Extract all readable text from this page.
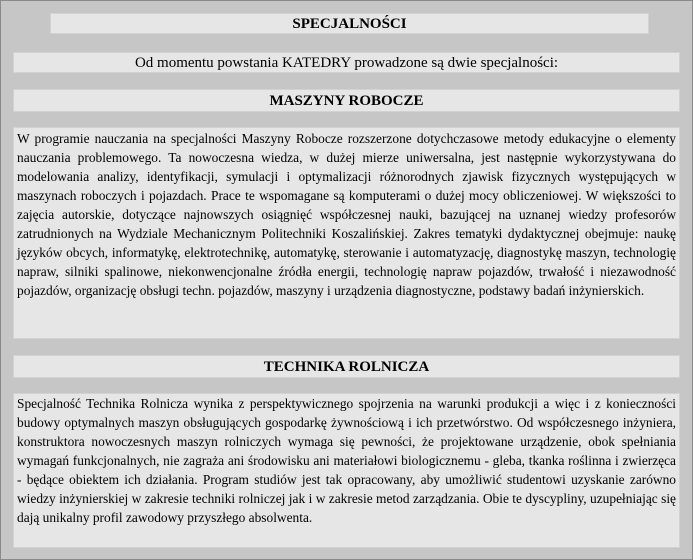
SPECJALNOŚCI
Od momentu powstania KATEDRY prowadzone są dwie specjalności:
MASZYNY ROBOCZE

W programie nauczania na specjalności Maszyny Robocze rozszerzone dotychczasowe metody edukacyjne o elementy nauczania problemowego. Ta nowoczesna wiedza, w dużej mierze uniwersalna, jest następnie wykorzystywana do modelowania analizy, identyfikacji, symulacji i optymalizacji różnorodnych zjawisk fizycznych występujących w maszynach roboczych i pojazdach. Prace te wspomagane są komputerami o dużej mocy obliczeniowej. W większości to zajęcia autorskie, dotyczące najnowszych osiągnięć współczesnej nauki, bazującej na uznanej wiedzy profesorów zatrudnionych na Wydziale Mechanicznym Politechniki Koszalińskiej. Zakres tematyki dydaktycznej obejmuje: naukę języków obcych, informatykę, elektrotechnikę, automatykę, sterowanie i automatyzację, diagnostykę maszyn, technologię napraw, silniki spalinowe, niekonwencjonalne źródła energii, technologię napraw pojazdów, trwałość i niezawodność pojazdów, organizację obsługi techn. pojazdów, maszyny i urządzenia diagnostyczne, podstawy badań inżynierskich.

TECHNIKA ROLNICZA

Specjalność Technika Rolnicza wynika z perspektywicznego spojrzenia na warunki produkcji a więc i z konieczności budowy optymalnych maszyn obsługujących gospodarkę żywnościową i ich przetwórstwo. Od współczesnego inżyniera, konstruktora nowoczesnych maszyn rolniczych wymaga się pewności, że projektowane urządzenie, obok spełniania wymagań funkcjonalnych, nie zagraża ani środowisku ani materiałowi biologicznemu - gleba, tkanka roślinna i zwierzęca - będące obiektem ich działania. Program studiów jest tak opracowany, aby umożliwić studentowi uzyskanie zarówno wiedzy inżynierskiej w zakresie techniki rolniczej jak i w zakresie metod zarządzania. Obie te dyscypliny, uzupełniając się dają unikalny profil zawodowy przyszłego absolwenta.
